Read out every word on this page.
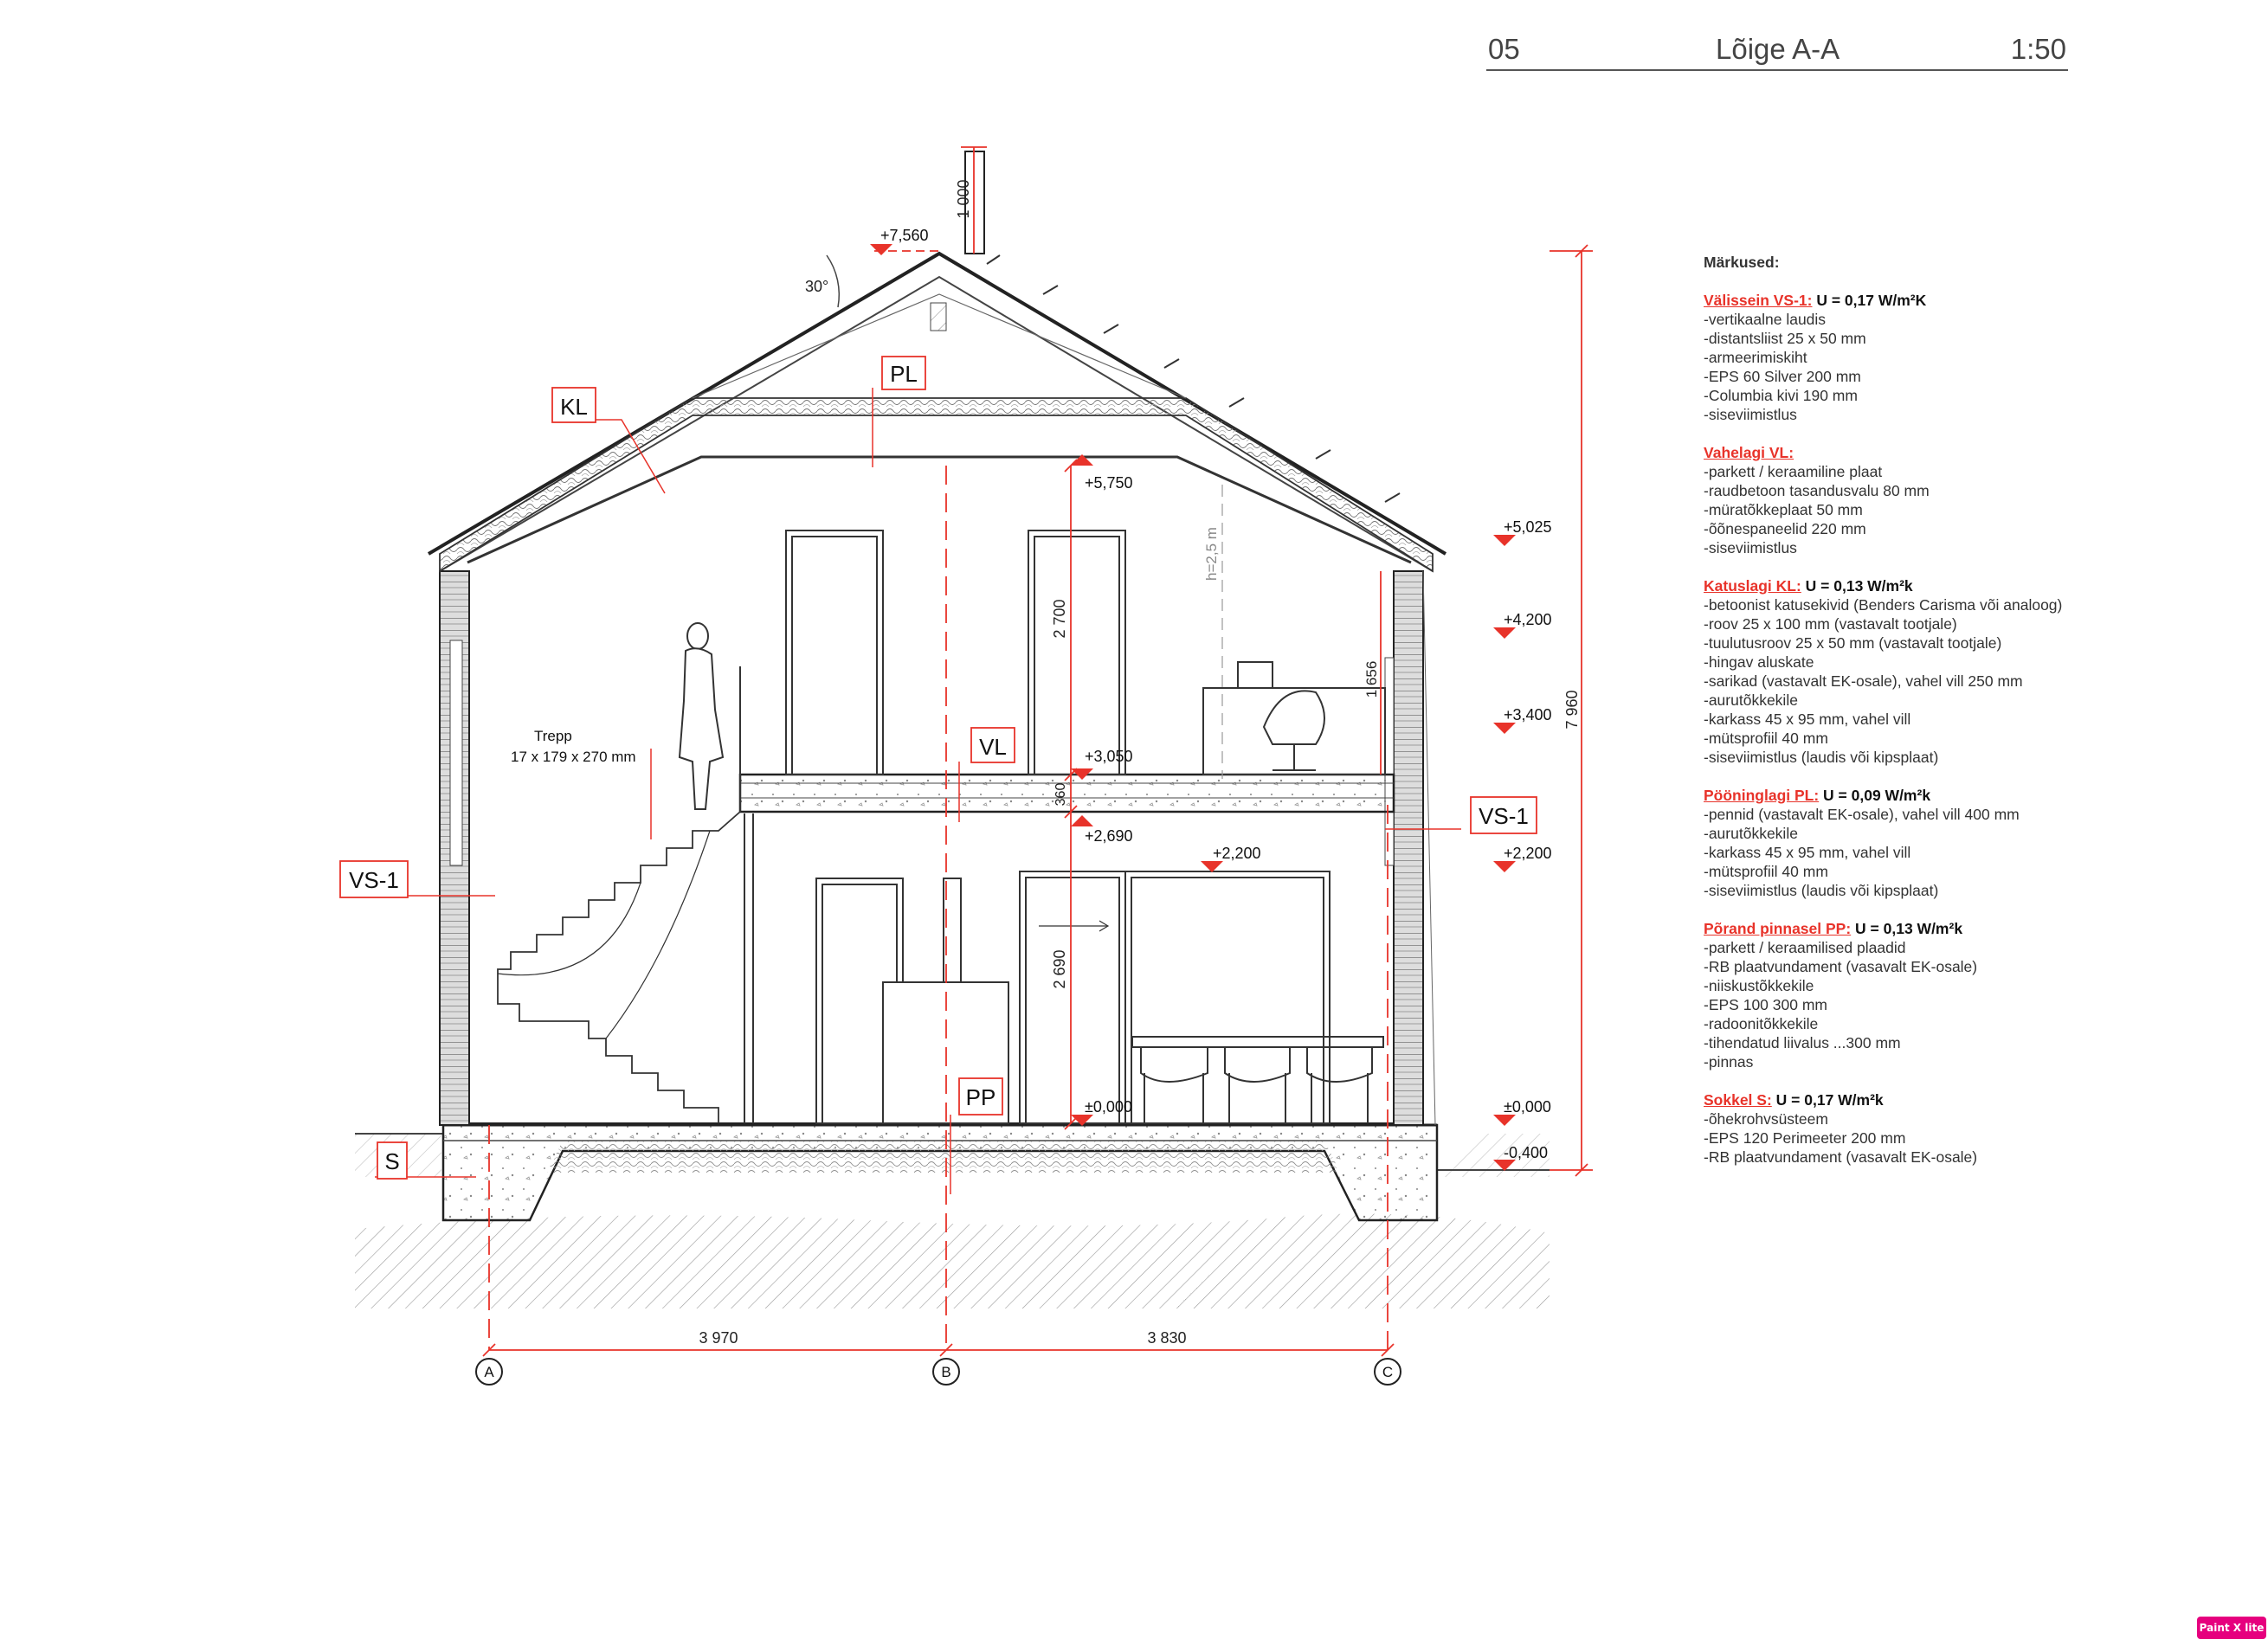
05	Lõige A-A	1:50
A	B	C
3 970	3 830
1 000
7 960
2 700
360
2 690
h=2,5 m
1 656
30°
Trepp
17 x 179 x 270 mm
+7,560
+5,750
+5,025
+4,200
+3,400
+3,050
+2,690
+2,200	+2,200
±0,000	±0,000
-0,400
KL
PL
VL
VS-1
VS-1
PP
S
Märkused:
Välissein VS-1: U = 0,17 W/m²K
-vertikaalne laudis
-distantsliist 25 x 50 mm
-armeerimiskiht
-EPS 60 Silver 200 mm
-Columbia kivi 190 mm
-siseviimistlus
Vahelagi VL:
-parkett / keraamiline plaat
-raudbetoon tasandusvalu 80 mm
-müratõkkeplaat 50 mm
-õõnespaneelid 220 mm
-siseviimistlus
Katuslagi KL: U = 0,13 W/m²k
-betoonist katusekivid (Benders Carisma või analoog)
-roov 25 x 100 mm (vastavalt tootjale)
-tuulutusroov 25 x 50 mm (vastavalt tootjale)
-hingav aluskate
-sarikad (vastavalt EK-osale), vahel vill 250 mm
-aurutõkkekile
-karkass 45 x 95 mm, vahel vill
-mütsprofiil 40 mm
-siseviimistlus (laudis või kipsplaat)
Pööninglagi PL: U = 0,09 W/m²k
-pennid (vastavalt EK-osale), vahel vill 400 mm
-aurutõkkekile
-karkass 45 x 95 mm, vahel vill
-mütsprofiil 40 mm
-siseviimistlus (laudis või kipsplaat)
Põrand pinnasel PP: U = 0,13 W/m²k
-parkett / keraamilised plaadid
-RB plaatvundament (vasavalt EK-osale)
-niiskustõkkekile
-EPS 100 300 mm
-radoonitõkkekile
-tihendatud liivalus ...300 mm
-pinnas
Sokkel S: U = 0,17 W/m²k
-õhekrohvsüsteem
-EPS 120 Perimeeter 200 mm
-RB plaatvundament (vasavalt EK-osale)
Paint X lite
